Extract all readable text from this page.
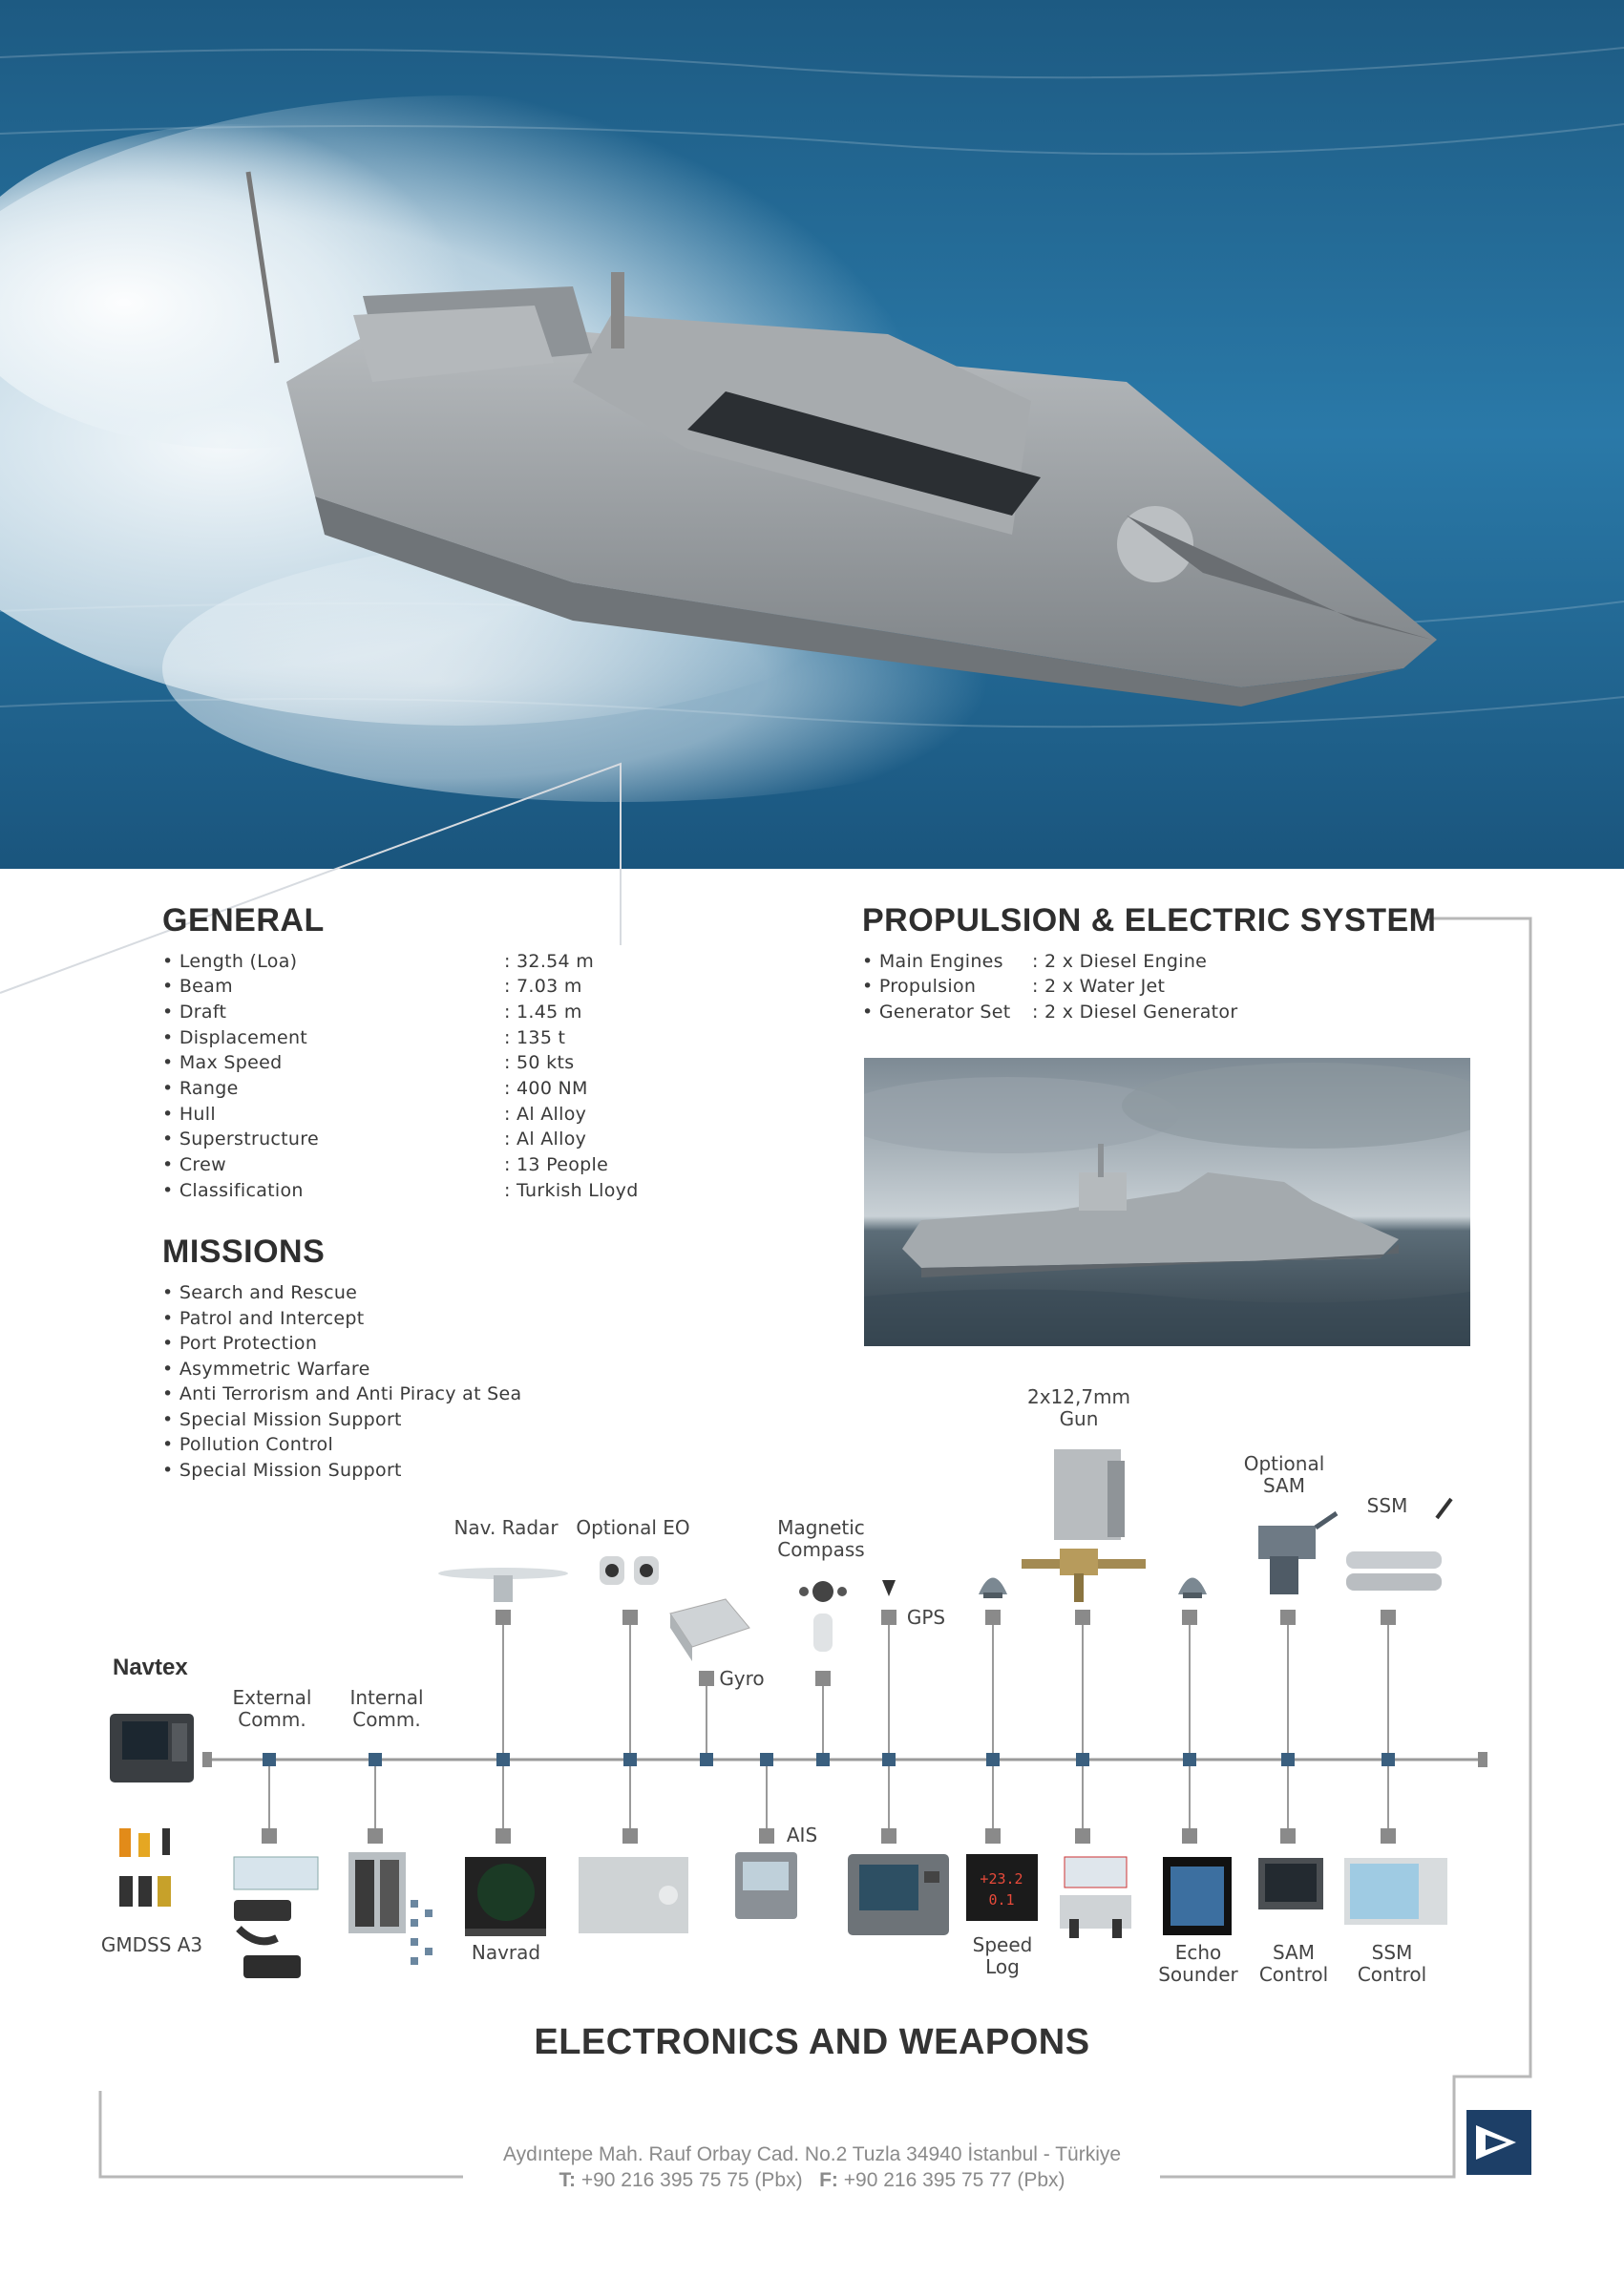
GENERAL
• Length (Loa)	: 32.54 m
• Beam	: 7.03 m
• Draft	: 1.45 m
• Displacement	: 135 t
• Max Speed	: 50 kts
• Range	: 400 NM
• Hull	: Al Alloy
• Superstructure	: Al Alloy
• Crew	: 13 People
• Classification	: Turkish Lloyd
MISSIONS
• Search and Rescue
• Patrol and Intercept
• Port Protection
• Asymmetric Warfare
• Anti Terrorism and Anti Piracy at Sea
• Special Mission Support
• Pollution Control
• Special Mission Support
PROPULSION & ELECTRIC SYSTEM
• Main Engines : 2 x Diesel Engine
• Propulsion	: 2 x Water Jet
• Generator Set : 2 x Diesel Generator
2x12,7mm
Gun
Optional
SAM
SSM
Nav. Radar Optional EO	Magnetic
Compass
GPS
Gyro
Navtex
External
Comm.
Internal
Comm.
AIS
GMDSS A3	Navrad	Speed
Log
Echo
Sounder
SAM
Control
SSM
Control
+23.2
0.1
ELECTRONICS AND WEAPONS
Aydıntepe Mah. Rauf Orbay Cad. No.2 Tuzla 34940 İstanbul - Türkiye
T: +90 216 395 75 75 (Pbx) F: +90 216 395 75 77 (Pbx)
